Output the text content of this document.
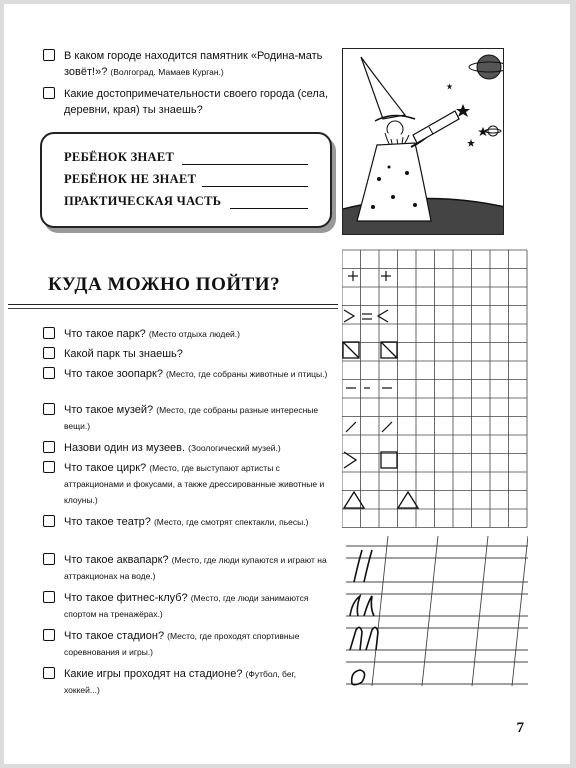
В каком городе находится памятник «Родина-мать зовёт!»? (Волгоград. Мамаев Курган.)
Какие достопримечательности своего города (села, деревни, края) ты знаешь?
РЕБЁНОК ЗНАЕТ
РЕБЁНОК НЕ ЗНАЕТ
ПРАКТИЧЕСКАЯ ЧАСТЬ
КУДА МОЖНО ПОЙТИ?
Что такое парк? (Место отдыха людей.)
Какой парк ты знаешь?
Что такое зоопарк? (Место, где собраны животные и птицы.)
Что такое музей? (Место, где собраны разные интересные вещи.)
Назови один из музеев. (Зоологический музей.)
Что такое цирк? (Место, где выступают артисты с аттракционами и фокусами, а также дрессированные животные и клоуны.)
Что такое театр? (Место, где смотрят спектакли, пьесы.)
Что такое аквапарк? (Место, где люди купаются и играют на аттракционах на воде.)
Что такое фитнес-клуб? (Место, где люди занимаются спортом на тренажёрах.)
Что такое стадион? (Место, где проходят спортивные соревнования и игры.)
Какие игры проходят на стадионе? (Футбол, бег, хоккей...)
7
